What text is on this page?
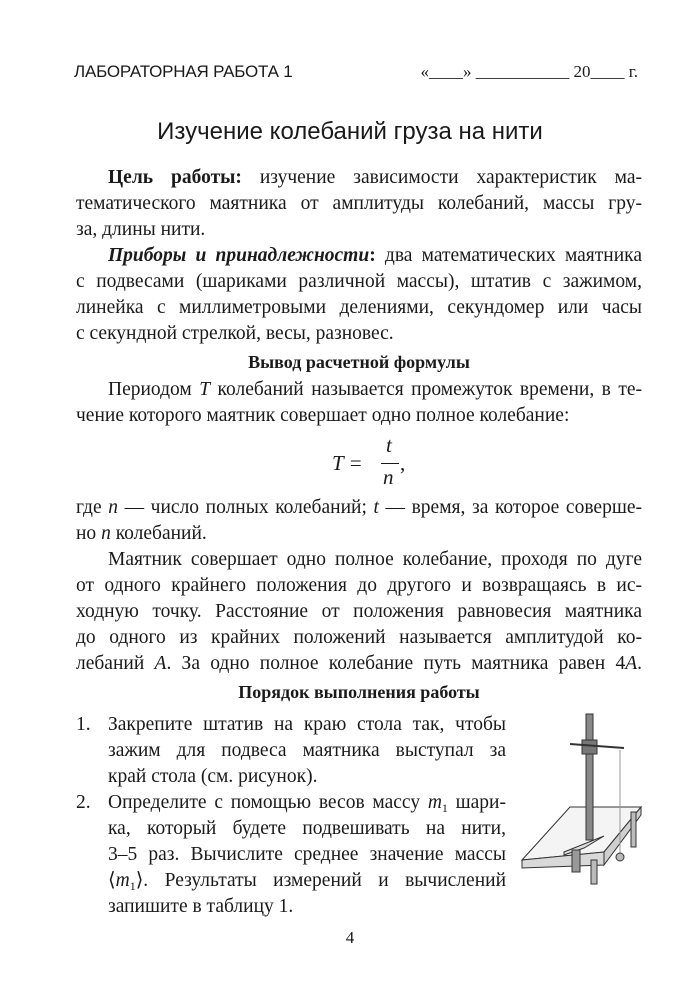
ЛАБОРАТОРНАЯ РАБОТА 1	«____» ___________ 20____ г.
Изучение колебаний груза на нити
Цель работы: изучение зависимости характеристик ма-
тематического маятника от амплитуды колебаний, массы гру-
за, длины нити.
Приборы и принадлежности: два математических маятника
с подвесами (шариками различной массы), штатив с зажимом,
линейка с миллиметровыми делениями, секундомер или часы
с секундной стрелкой, весы, разновес.
Вывод расчетной формулы
Периодом T колебаний называется промежуток времени, в те-
чение которого маятник совершает одно полное колебание:
T =
t
n
,
где n — число полных колебаний; t — время, за которое соверше-
но n колебаний.
Маятник совершает одно полное колебание, проходя по дуге
от одного крайнего положения до другого и возвращаясь в ис-
ходную точку. Расстояние от положения равновесия маятника
до одного из крайних положений называется амплитудой ко-
лебаний A. За одно полное колебание путь маятника равен 4A.
Порядок выполнения работы
1. Закрепите штатив на краю стола так, чтобы
зажим для подвеса маятника выступал за
край стола (см. рисунок).
2. Определите с помощью весов массу $m_1$ шари-
ка, который будете подвешивать на нити,
3–5 раз. Вычислите среднее значение массы
$⟨m_1⟩$. Результаты измерений и вычислений
запишите в таблицу 1.
4
